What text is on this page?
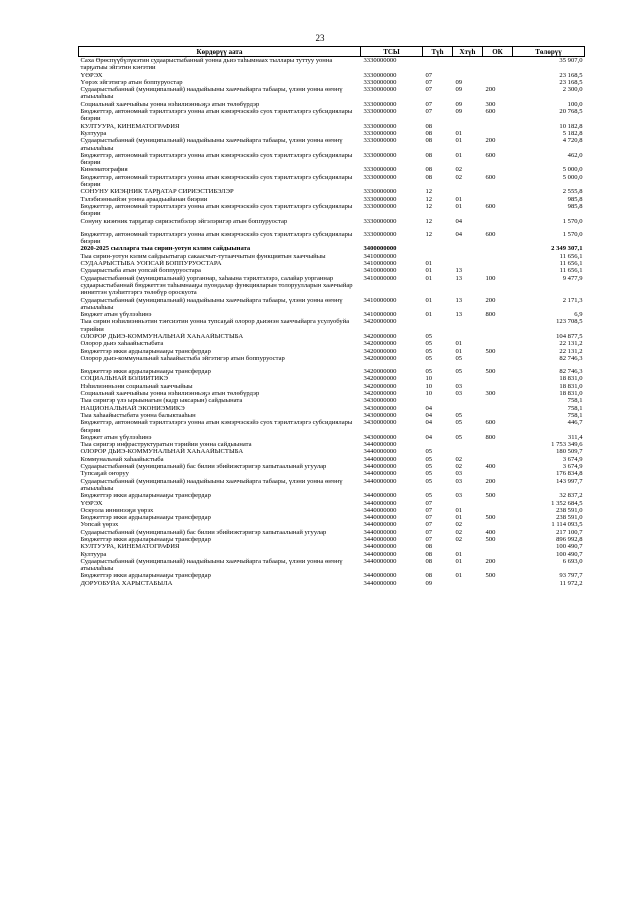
23
Көрдөрүү аата	ТСЫ	Түһ	Хтүһ	ОК	Төлөрүү
Саха Өрөспүүбүлүкэтин судаарыстыбаннай уонна дьиэ таһымнаах тыллары туттуу уонна тарҕатыы эйгэтин кэҥэтии	3330000000				35 907,0
ҮӨРЭХ	3330000000	07			23 168,5
Үөрэх эйгэтигэр атын боппуруостар	3330000000	07	09		23 168,5
Судаарыстыбаннай (муниципальнай) наадыйыыны хааччыйарга табаары, үлэни уонна өҥөнү атыылаһыы	3330000000	07	09	200	2 300,0
Социальнай хааччыйыы уонна нэһилиэнньэҕэ атын төлөбүрдэр	3330000000	07	09	300	100,0
Бюджеттэр, автономнай тэрилтэлэргэ уонна атын кэмэрчэскэйэ суох тэрилтэлэргэ субсидиялары биэрии	3330000000	07	09	600	20 768,5
КУЛТУУРА, КИНЕМАТОГРАФИЯ	3330000000	08			10 182,8
Култуура	3330000000	08	01		5 182,8
Судаарыстыбаннай (муниципальнай) наадыйыыны хааччыйарга табаары, үлэни уонна өҥөнү атыылаһыы	3330000000	08	01	200	4 720,8
Бюджеттэр, автономнай тэрилтэлэргэ уонна атын кэмэрчэскэйэ суох тэрилтэлэргэ субсидиялары биэрии	3330000000	08	01	600	462,0
Кинематография	3330000000	08	02		5 000,0
Бюджеттэр, автономнай тэрилтэлэргэ уонна атын кэмэрчэскэйэ суох тэрилтэлэргэ субсидиялары биэрии	3330000000	08	02	600	5 000,0
СОНУНУ КИЭҢНИК ТАРҔАТАР СИРИЭСТИБЭЛЭР	3330000000	12			2 555,8
Тэлэбиэнньийэн уонна араадьыйанан биэрии	3330000000	12	01		985,8
Бюджеттэр, автономнай тэрилтэлэргэ уонна атын кэмэрчэскэйэ суох тэрилтэлэргэ субсидиялары биэрии	3330000000	12	01	600	985,8
Сонуну киэҥник тарҕатар сириэстибэлэр эйгэлэригэр атын боппуруостар	3330000000	12	04		1 570,0

Бюджеттэр, автономнай тэрилтэлэргэ уонна атын кэмэрчэскэйэ суох тэрилтэлэргэ субсидиялары биэрии	3330000000	12	04	600	1 570,0
2020-2025 сылларга тыа сирин-уотун кэлим сайдыыната	3400000000				2 349 307,1
Тыа сирин-уотун кэлим сайдыытыгар сакаасчыт-тутааччытын функциятын хааччыйыы	3410000000				11 656,1
СУДААРЫСТЫБА УОПСАЙ БОППУРУОСТАРА	3410000000	01			11 656,1
Судаарыстыба атын уопсай боппуруостара	3410000000	01	13		11 656,1
Судаарыстыбаннай (муниципальнай) уорганнар, хаһаына тэрилтэлэрэ, салайар уорганнар судаарыстыбаннай бюджеттэн таһымнааҕы пуондалар функцияларын толоруулларын хааччыйар инниттэн үлэһиттэргэ төлөбүр ороскуота	3410000000	01	13	100	9 477,9
Судаарыстыбаннай (муниципальнай) наадыйыыны хааччыйарга табаары, үлэни уонна өҥөнү атыылаһыы	3410000000	01	13	200	2 171,3
Бюджет атын үбүлээһинэ	3410000000	01	13	800	6,9
Тыа сирин нэһилиэнньэтин тэҥсиэтин уонна тупсаҕай олорор дьиэнэн хааччыйарга усулуобуйа тэрийии	3420000000				123 708,5
ОЛОРОР ДЬИЭ-КОММУНАЛЬНАЙ ХАҺААЙЫСТЫБА	3420000000	05			104 877,5
Олорор дьиэ хаһаайыстыбата	3420000000	05	01		22 131,2
Бюджеттэр икки ардыларынааҕы трансфердар	3420000000	05	01	500	22 131,2
Олорор дьиэ-коммунальнай хаһаайыстыба эйгэтигэр атын боппуруостар	3420000000	05	05		82 746,3

Бюджеттэр икки ардыларынааҕы трансфердар	3420000000	05	05	500	82 746,3
СОЦИАЛЬНАЙ БОЛИИТИКЭ	3420000000	10			18 831,0
Нэһилиэнньэни социальнай хааччыйыы	3420000000	10	03		18 831,0
Социальнай хааччыйыы уонна нэһилиэнньэҕэ атын төлөбүрдэр	3420000000	10	03	300	18 831,0
Тыа сиригэр үлэ ырыынагын (кадр ыксарын) сайдыыната	3430000000				758,1
НАЦИОНАЛЬНАЙ ЭКОНИЭМИКЭ	3430000000	04			758,1
Тыа хаһаайыстыбата уонна балыктааһын	3430000000	04	05		758,1
Бюджеттэр, автономнай тэрилтэлэргэ уонна атын кэмэрчэскэйэ суох тэрилтэлэргэ субсидиялары биэрии	3430000000	04	05	600	446,7
Бюджет атын үбүлээһинэ	3430000000	04	05	800	311,4
Тыа сиригэр инфраструктуратын тэрийии уонна сайдыыната	3440000000				1 753 349,6
ОЛОРОР ДЬИЭ-КОММУНАЛЬНАЙ ХАҺААЙЫСТЫБА	3440000000	05			180 509,7
Коммунальнай хаһаайыстыба	3440000000	05	02		3 674,9
Судаарыстыбаннай (муниципальнай) бас билии эбийиэктэригэр хапытаалынай угуулар	3440000000	05	02	400	3 674,9
Тупсаҕай оҥоруу	3440000000	05	03		176 834,8
Судаарыстыбаннай (муниципальнай) наадыйыыны хааччыйарга табаары, үлэни уонна өҥөнү атыылаһыы	3440000000	05	03	200	143 997,7
Бюджеттэр икки ардыларынааҕы трансфердар	3440000000	05	03	500	32 837,2
ҮӨРЭХ	3440000000	07			1 352 684,5
Оскуола иннинээҕи үөрэх	3440000000	07	01		238 591,0
Бюджеттэр икки ардыларынааҕы трансфердар	3440000000	07	01	500	238 591,0
Уопсай үөрэх	3440000000	07	02		1 114 093,5
Судаарыстыбаннай (муниципальнай) бас билии эбийиэктэригэр хапытаалынай угуулар	3440000000	07	02	400	217 100,7
Бюджеттэр икки ардыларынааҕы трансфердар	3440000000	07	02	500	896 992,8
КУЛТУУРА, КИНЕМАТОГРАФИЯ	3440000000	08			100 490,7
Култуура	3440000000	08	01		100 490,7
Судаарыстыбаннай (муниципальнай) наадыйыыны хааччыйарга табаары, үлэни уонна өҥөнү атыылаһыы	3440000000	08	01	200	6 693,0
Бюджеттэр икки ардыларынааҕы трансфердар	3440000000	08	01	500	93 797,7
ДОРУОБУЙА ХАРЫСТАБЫЛА	3440000000	09			11 972,2
